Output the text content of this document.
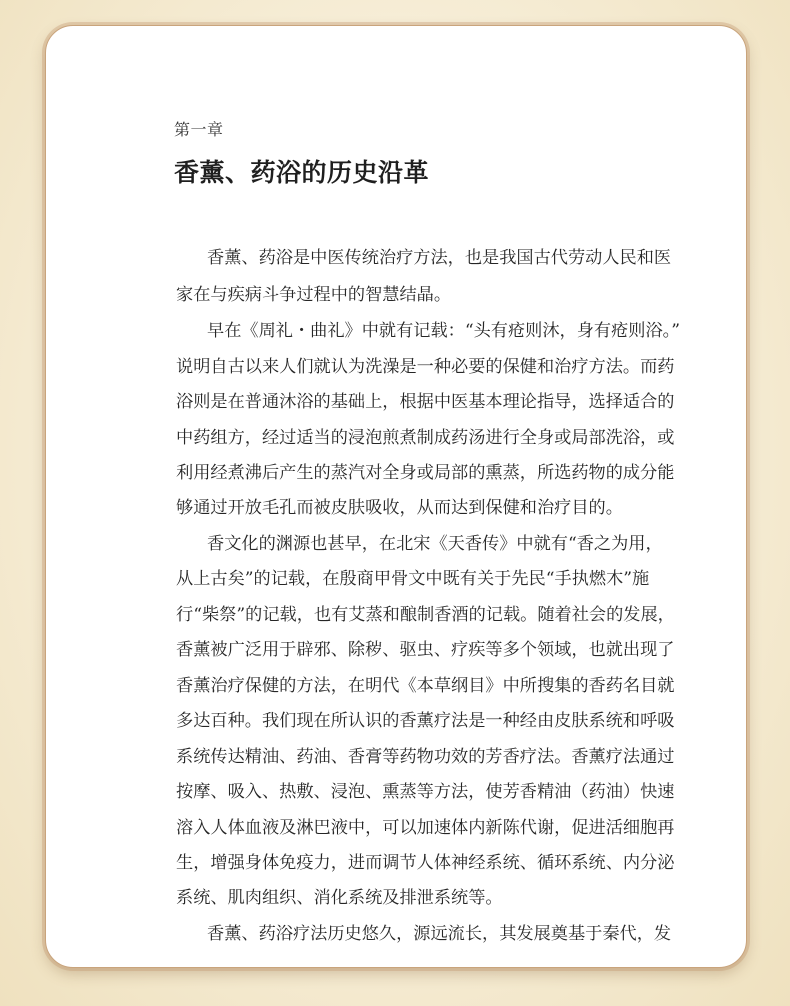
第一章
香薰、药浴的历史沿革

香薰、药浴是中医传统治疗方法，也是我国古代劳动人民和医

家在与疾病斗争过程中的智慧结晶。

早在《周礼・曲礼》中就有记载：“头有疮则沐，身有疮则浴。”

说明自古以来人们就认为洗澡是一种必要的保健和治疗方法。而药

浴则是在普通沐浴的基础上，根据中医基本理论指导，选择适合的

中药组方，经过适当的浸泡煎煮制成药汤进行全身或局部洗浴，或

利用经煮沸后产生的蒸汽对全身或局部的熏蒸，所选药物的成分能

够通过开放毛孔而被皮肤吸收，从而达到保健和治疗目的。

香文化的渊源也甚早，在北宋《天香传》中就有“香之为用，

从上古矣”的记载，在殷商甲骨文中既有关于先民“手执燃木”施

行“柴祭”的记载，也有艾蒸和酿制香酒的记载。随着社会的发展，

香薰被广泛用于辟邪、除秽、驱虫、疗疾等多个领域，也就出现了

香薰治疗保健的方法，在明代《本草纲目》中所搜集的香药名目就

多达百种。我们现在所认识的香薰疗法是一种经由皮肤系统和呼吸

系统传达精油、药油、香膏等药物功效的芳香疗法。香薰疗法通过

按摩、吸入、热敷、浸泡、熏蒸等方法，使芳香精油（药油）快速

溶入人体血液及淋巴液中，可以加速体内新陈代谢，促进活细胞再

生，增强身体免疫力，进而调节人体神经系统、循环系统、内分泌

系统、肌肉组织、消化系统及排泄系统等。

香薰、药浴疗法历史悠久，源远流长，其发展奠基于秦代，发
